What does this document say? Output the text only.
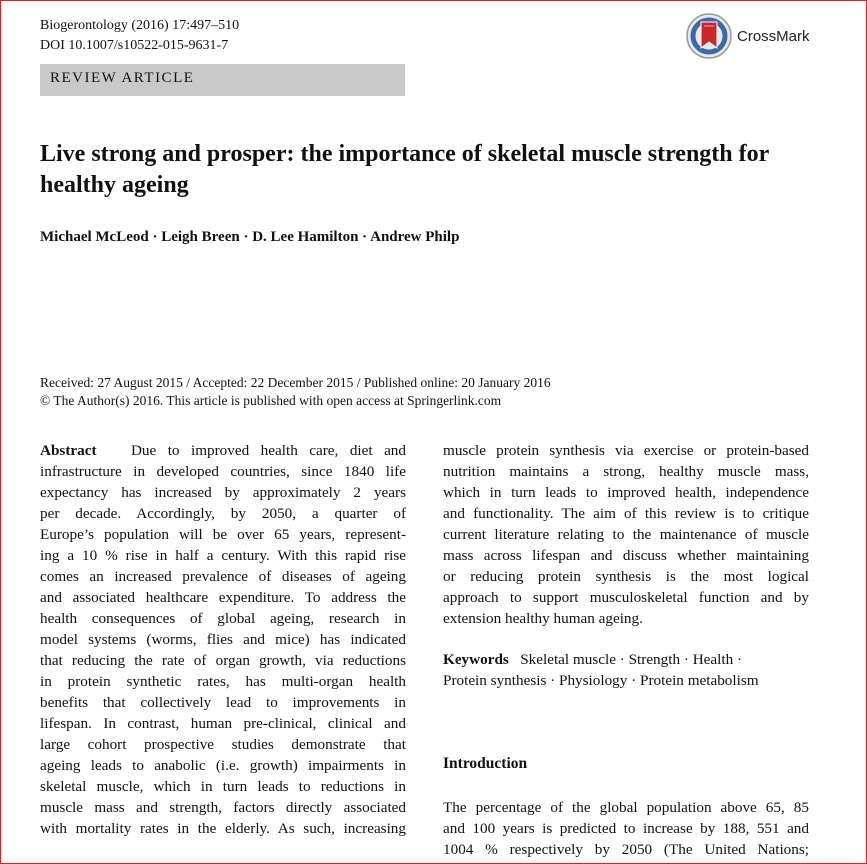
Biogerontology (2016) 17:497–510
DOI 10.1007/s10522-015-9631-7
CrossMark
REVIEW ARTICLE
Live strong and prosper: the importance of skeletal muscle strength for healthy ageing
Michael McLeod · Leigh Breen · D. Lee Hamilton · Andrew Philp
Received: 27 August 2015 / Accepted: 22 December 2015 / Published online: 20 January 2016
© The Author(s) 2016. This article is published with open access at Springerlink.com
Abstract Due to improved health care, diet and
infrastructure in developed countries, since 1840 life
expectancy has increased by approximately 2 years
per decade. Accordingly, by 2050, a quarter of
Europe’s population will be over 65 years, represent-
ing a 10 % rise in half a century. With this rapid rise
comes an increased prevalence of diseases of ageing
and associated healthcare expenditure. To address the
health consequences of global ageing, research in
model systems (worms, flies and mice) has indicated
that reducing the rate of organ growth, via reductions
in protein synthetic rates, has multi-organ health
benefits that collectively lead to improvements in
lifespan. In contrast, human pre-clinical, clinical and
large cohort prospective studies demonstrate that
ageing leads to anabolic (i.e. growth) impairments in
skeletal muscle, which in turn leads to reductions in
muscle mass and strength, factors directly associated
with mortality rates in the elderly. As such, increasing
muscle protein synthesis via exercise or protein-based
nutrition maintains a strong, healthy muscle mass,
which in turn leads to improved health, independence
and functionality. The aim of this review is to critique
current literature relating to the maintenance of muscle
mass across lifespan and discuss whether maintaining
or reducing protein synthesis is the most logical
approach to support musculoskeletal function and by
extension healthy human ageing.
Keywords Skeletal muscle · Strength · Health ·
Protein synthesis · Physiology · Protein metabolism
Introduction
The percentage of the global population above 65, 85
and 100 years is predicted to increase by 188, 551 and
1004 % respectively by 2050 (The United Nations;
